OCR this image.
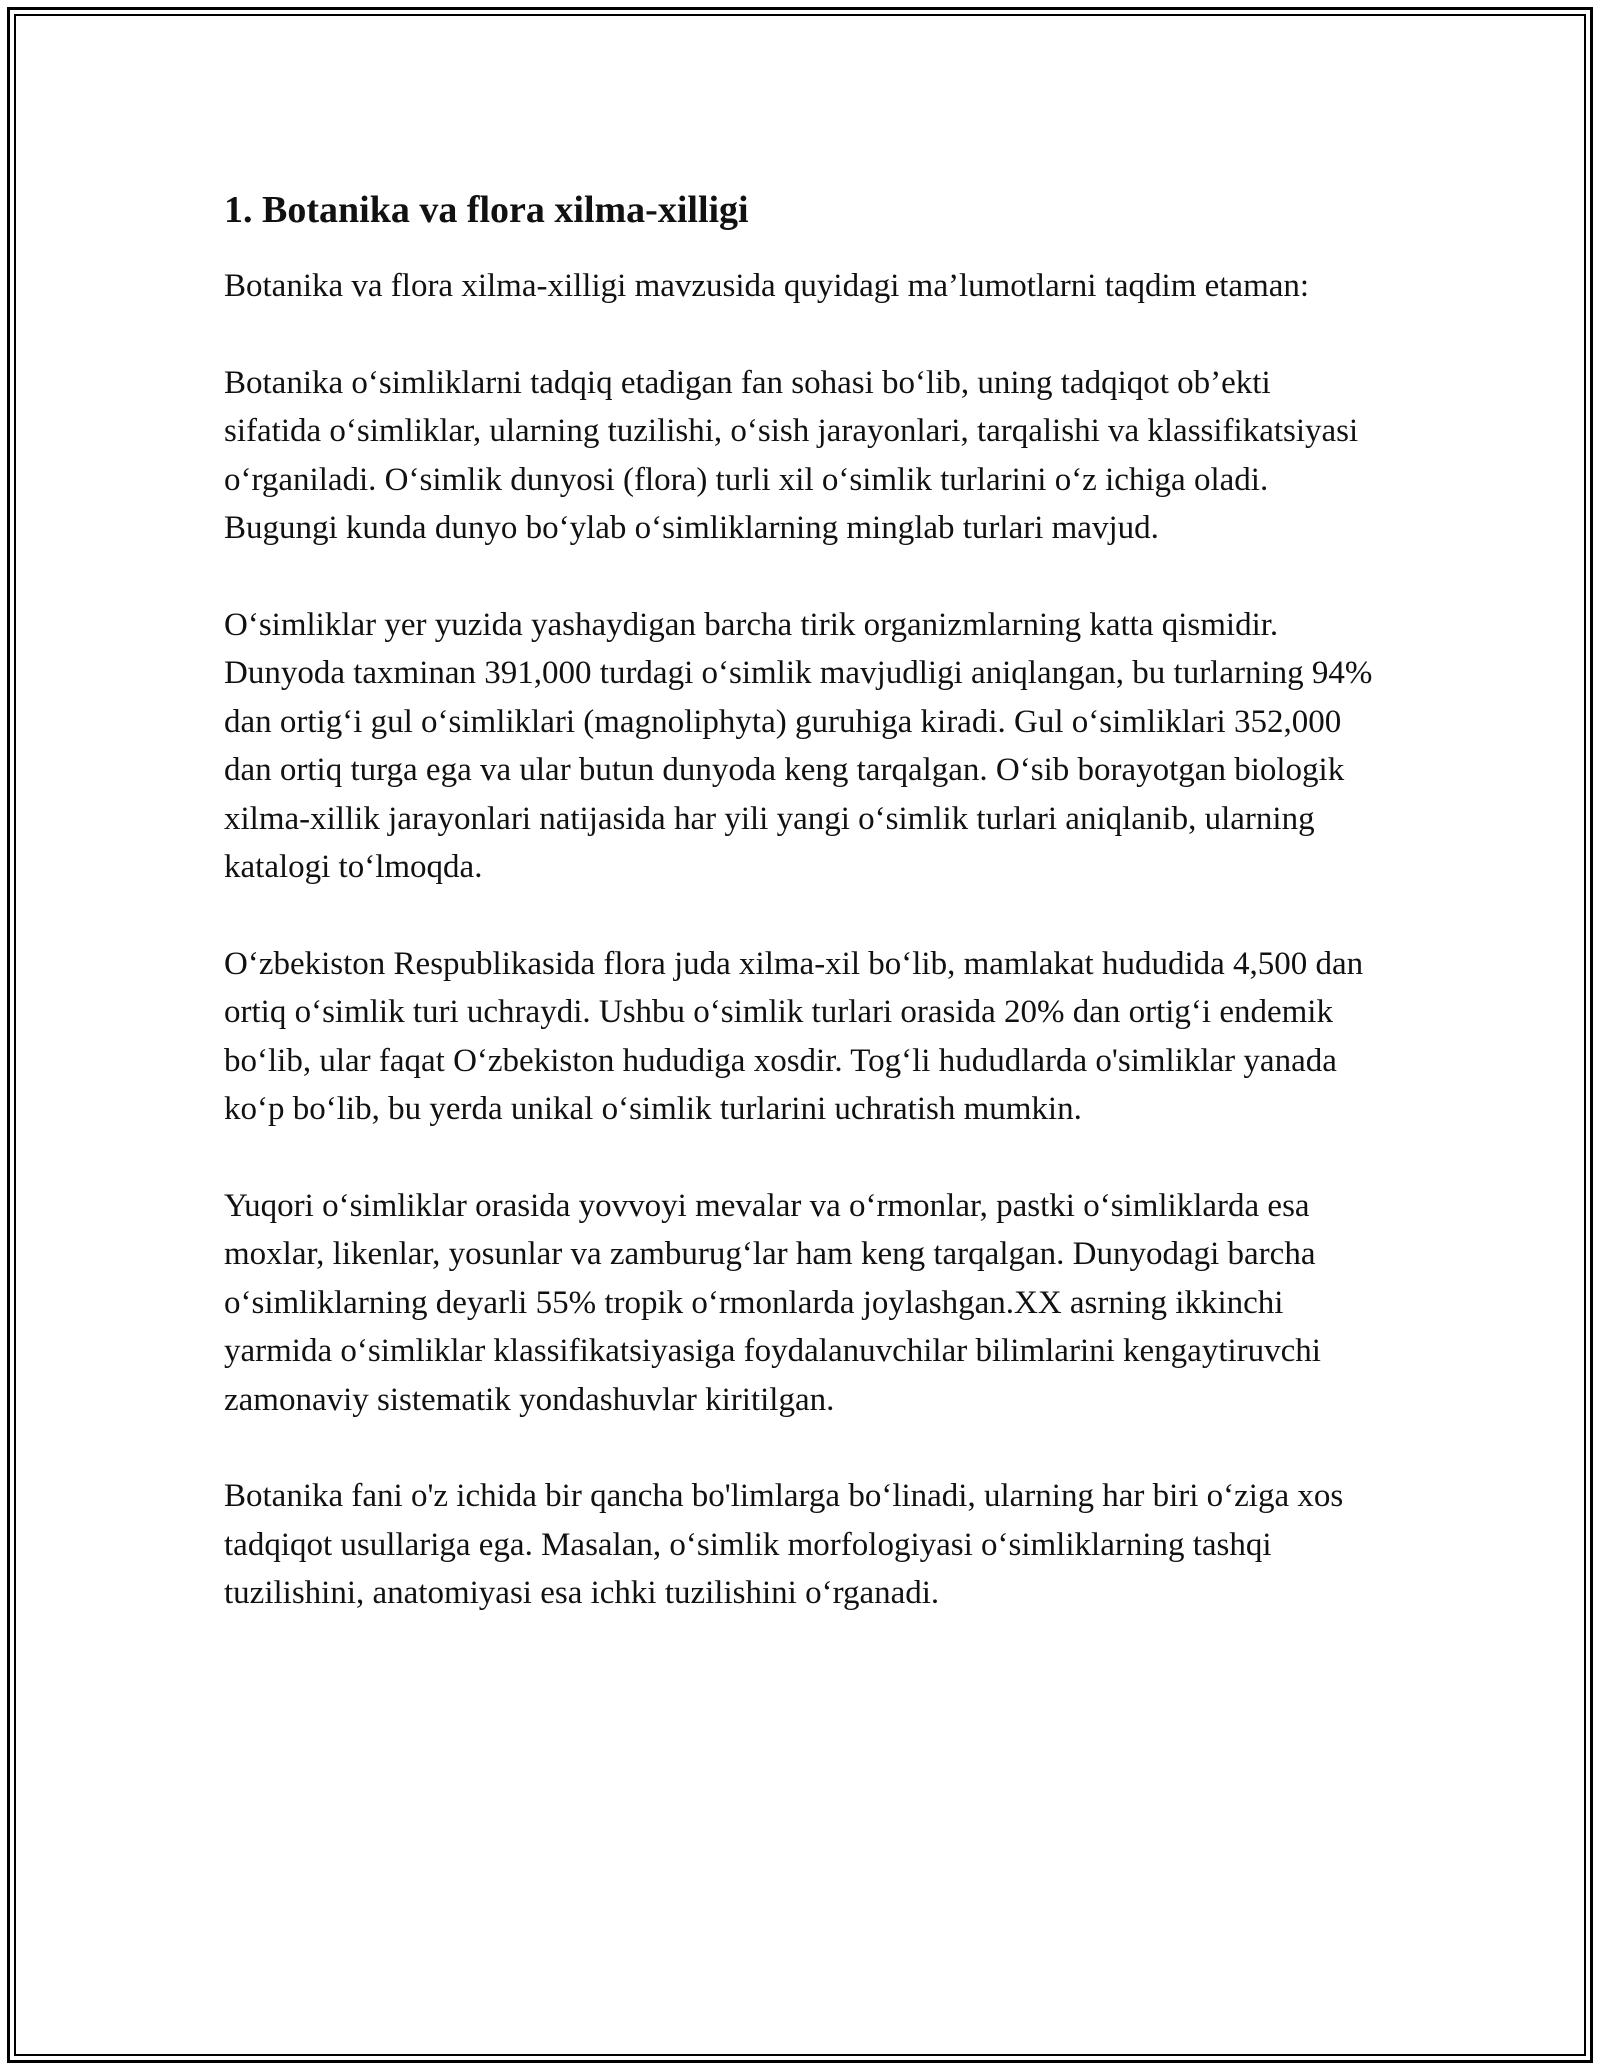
1. Botanika va flora xilma-xilligi

Botanika va flora xilma-xilligi mavzusida quyidagi ma’lumotlarni taqdim etaman:

Botanika o‘simliklarni tadqiq etadigan fan sohasi bo‘lib, uning tadqiqot ob’ekti sifatida o‘simliklar, ularning tuzilishi, o‘sish jarayonlari, tarqalishi va klassifikatsiyasi o‘rganiladi. O‘simlik dunyosi (flora) turli xil o‘simlik turlarini o‘z ichiga oladi. Bugungi kunda dunyo bo‘ylab o‘simliklarning minglab turlari mavjud.

O‘simliklar yer yuzida yashaydigan barcha tirik organizmlarning katta qismidir. Dunyoda taxminan 391,000 turdagi o‘simlik mavjudligi aniqlangan, bu turlarning 94% dan ortig‘i gul o‘simliklari (magnoliphyta) guruhiga kiradi. Gul o‘simliklari 352,000 dan ortiq turga ega va ular butun dunyoda keng tarqalgan. O‘sib borayotgan biologik xilma-xillik jarayonlari natijasida har yili yangi o‘simlik turlari aniqlanib, ularning katalogi to‘lmoqda.

O‘zbekiston Respublikasida flora juda xilma-xil bo‘lib, mamlakat hududida 4,500 dan ortiq o‘simlik turi uchraydi. Ushbu o‘simlik turlari orasida 20% dan ortig‘i endemik bo‘lib, ular faqat O‘zbekiston hududiga xosdir. Tog‘li hududlarda o'simliklar yanada ko‘p bo‘lib, bu yerda unikal o‘simlik turlarini uchratish mumkin.

Yuqori o‘simliklar orasida yovvoyi mevalar va o‘rmonlar, pastki o‘simliklarda esa moxlar, likenlar, yosunlar va zamburug‘lar ham keng tarqalgan. Dunyodagi barcha o‘simliklarning deyarli 55% tropik o‘rmonlarda joylashgan.XX asrning ikkinchi yarmida o‘simliklar klassifikatsiyasiga foydalanuvchilar bilimlarini kengaytiruvchi zamonaviy sistematik yondashuvlar kiritilgan.

Botanika fani o'z ichida bir qancha bo'limlarga bo‘linadi, ularning har biri o‘ziga xos tadqiqot usullariga ega. Masalan, o‘simlik morfologiyasi o‘simliklarning tashqi tuzilishini, anatomiyasi esa ichki tuzilishini o‘rganadi.
